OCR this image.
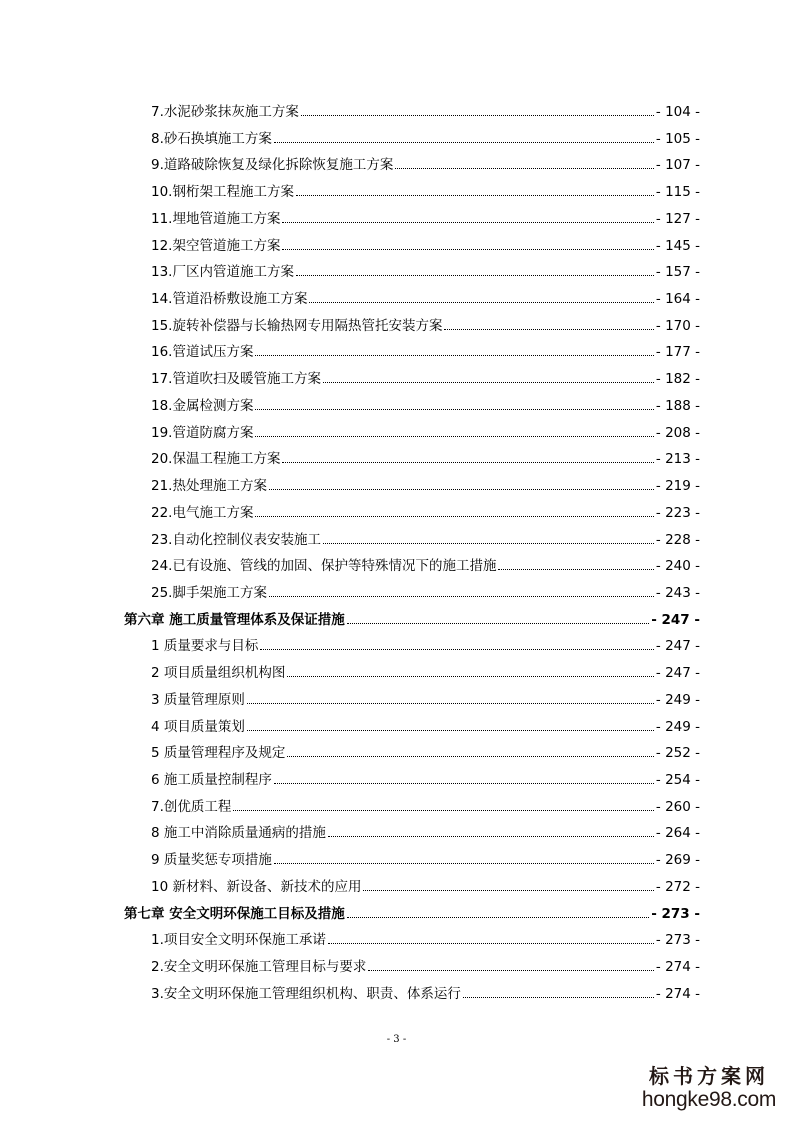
7.水泥砂浆抹灰施工方案	- 104 -
8.砂石换填施工方案	- 105 -
9.道路破除恢复及绿化拆除恢复施工方案	- 107 -
10.钢桁架工程施工方案	- 115 -
11.埋地管道施工方案	- 127 -
12.架空管道施工方案	- 145 -
13.厂区内管道施工方案	- 157 -
14.管道沿桥敷设施工方案	- 164 -
15.旋转补偿器与长输热网专用隔热管托安装方案	- 170 -
16.管道试压方案	- 177 -
17.管道吹扫及暖管施工方案	- 182 -
18.金属检测方案	- 188 -
19.管道防腐方案	- 208 -
20.保温工程施工方案	- 213 -
21.热处理施工方案	- 219 -
22.电气施工方案	- 223 -
23.自动化控制仪表安装施工	- 228 -
24.已有设施、管线的加固、保护等特殊情况下的施工措施	- 240 -
25.脚手架施工方案	- 243 -
第六章 施工质量管理体系及保证措施	- 247 -
1 质量要求与目标	- 247 -
2 项目质量组织机构图	- 247 -
3 质量管理原则	- 249 -
4 项目质量策划	- 249 -
5 质量管理程序及规定	- 252 -
6 施工质量控制程序	- 254 -
7.创优质工程	- 260 -
8 施工中消除质量通病的措施	- 264 -
9 质量奖惩专项措施	- 269 -
10 新材料、新设备、新技术的应用	- 272 -
第七章 安全文明环保施工目标及措施	- 273 -
1.项目安全文明环保施工承诺	- 273 -
2.安全文明环保施工管理目标与要求	- 274 -
3.安全文明环保施工管理组织机构、职责、体系运行	- 274 -
- 3 -
标书方案网
hongke98.com
